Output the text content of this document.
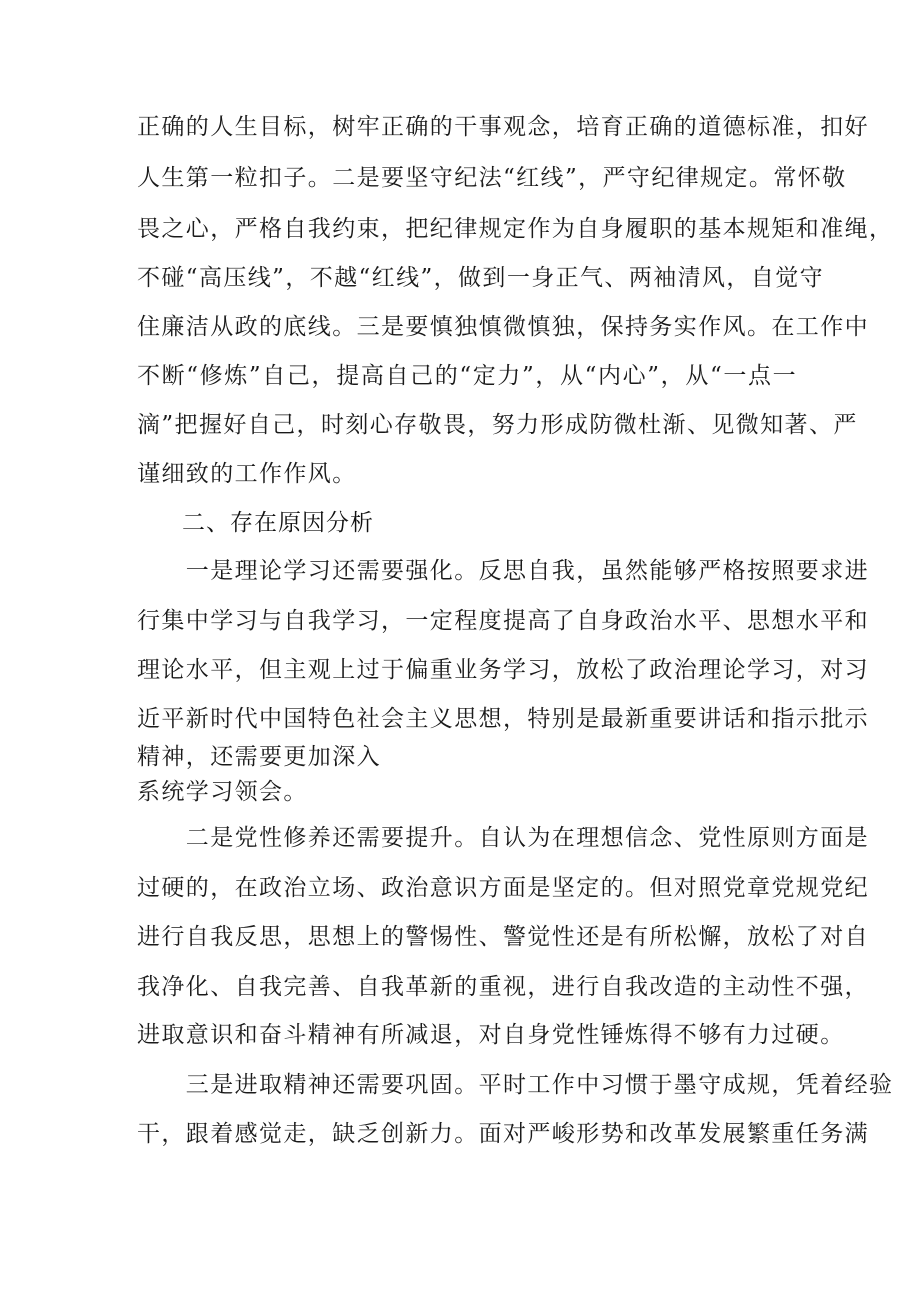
正确的人生目标，树牢正确的干事观念，培育正确的道德标准，扣好
人生第一粒扣子。二是要坚守纪法“红线”，严守纪律规定。常怀敬
畏之心，严格自我约束，把纪律规定作为自身履职的基本规矩和准绳，
不碰“高压线”，不越“红线”，做到一身正气、两袖清风，自觉守
住廉洁从政的底线。三是要慎独慎微慎独，保持务实作风。在工作中
不断“修炼”自己，提高自己的“定力”，从“内心”，从“一点一
滴”把握好自己，时刻心存敬畏，努力形成防微杜渐、见微知著、严
谨细致的工作作风。
二、存在原因分析
　　一是理论学习还需要强化。反思自我，虽然能够严格按照要求进
行集中学习与自我学习，一定程度提高了自身政治水平、思想水平和
理论水平，但主观上过于偏重业务学习，放松了政治理论学习，对习
近平新时代中国特色社会主义思想，特别是最新重要讲话和指示批示
精神，还需要更加深入
系统学习领会。
　　二是党性修养还需要提升。自认为在理想信念、党性原则方面是
过硬的，在政治立场、政治意识方面是坚定的。但对照党章党规党纪
进行自我反思，思想上的警惕性、警觉性还是有所松懈，放松了对自
我净化、自我完善、自我革新的重视，进行自我改造的主动性不强，
进取意识和奋斗精神有所减退，对自身党性锤炼得不够有力过硬。
　　三是进取精神还需要巩固。平时工作中习惯于墨守成规，凭着经验
干，跟着感觉走，缺乏创新力。面对严峻形势和改革发展繁重任务满
